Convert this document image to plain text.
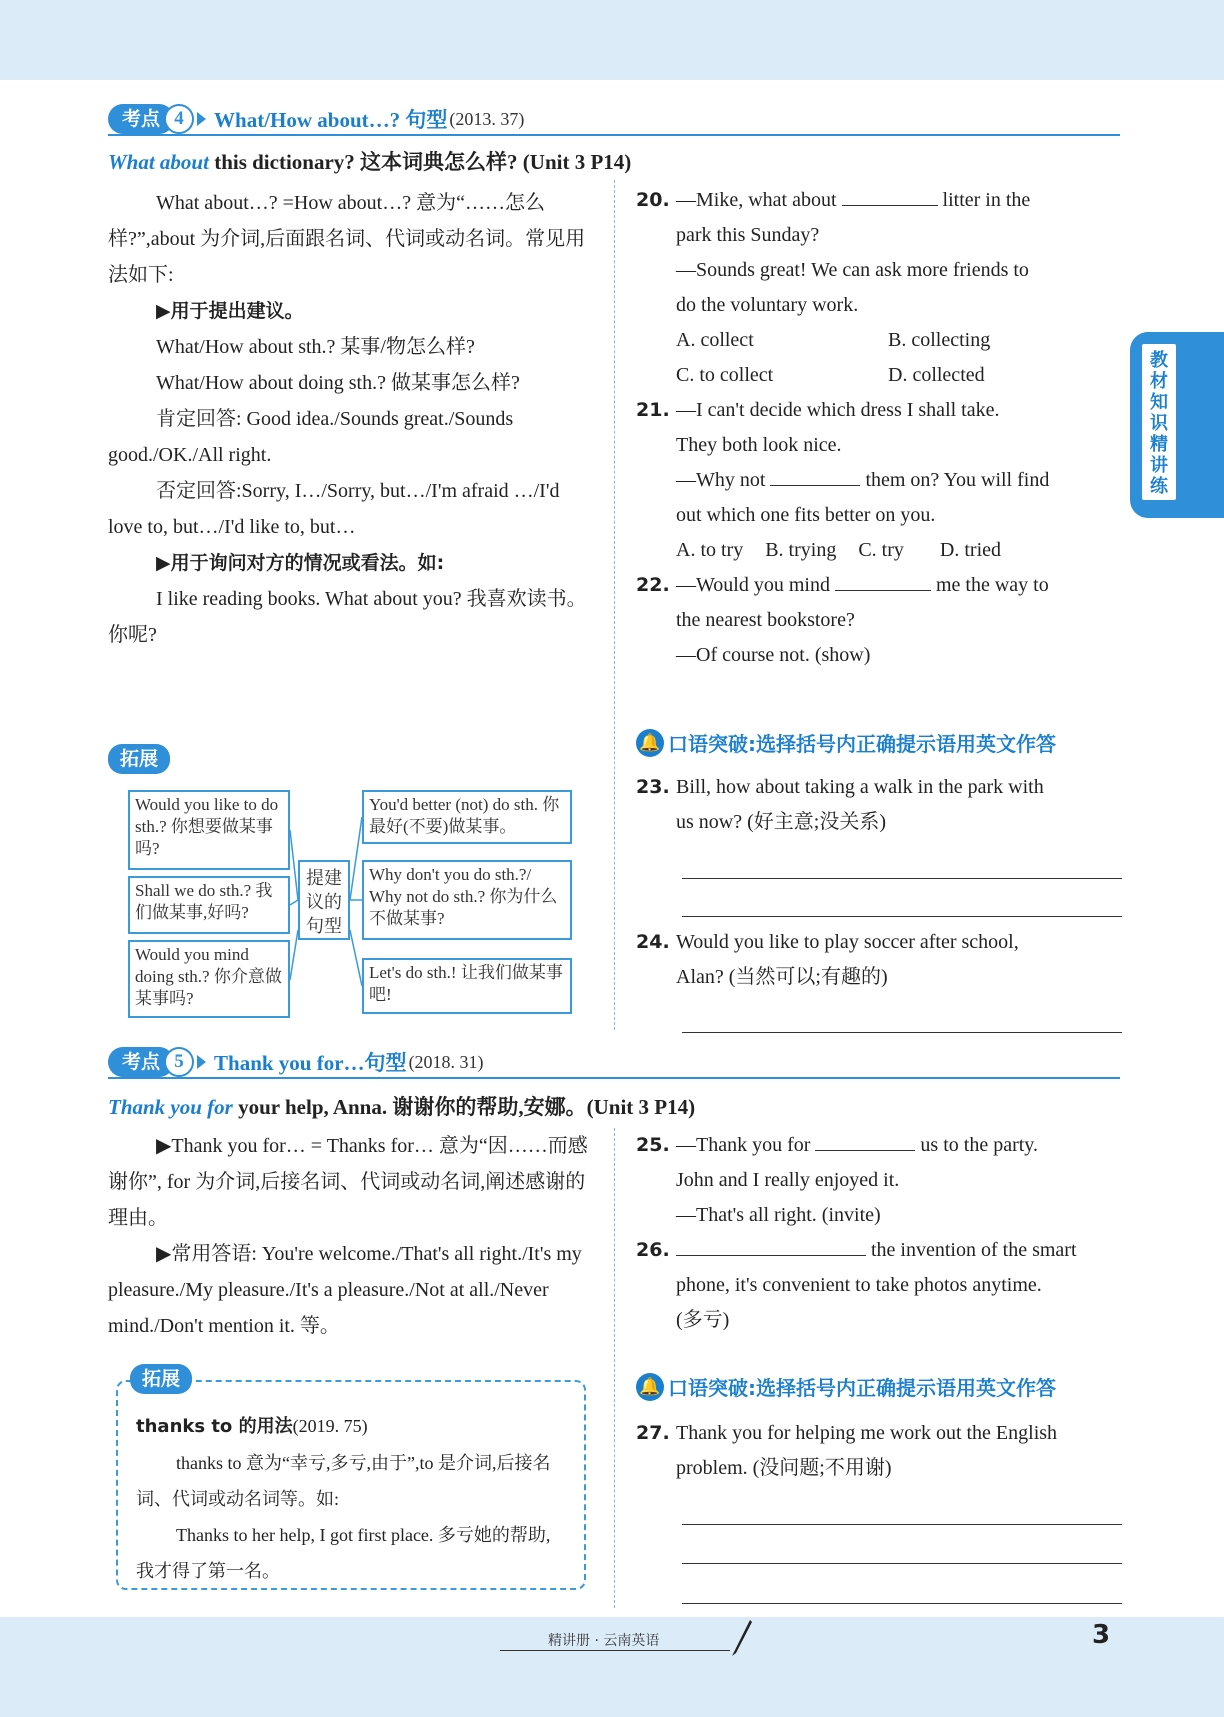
教材知识精讲练
考点 4	What/How about…? 句型 (2013. 37)
What about this dictionary? 这本词典怎么样? (Unit 3 P14)

What about…? =How about…? 意为“……怎么样?”,about 为介词,后面跟名词、代词或动名词。常见用法如下:

▶用于提出建议。

What/How about sth.? 某事/物怎么样?

What/How about doing sth.? 做某事怎么样?

肯定回答: Good idea./Sounds great./Sounds good./OK./All right.

否定回答:Sorry, I…/Sorry, but…/I'm afraid …/I'd love to, but…/I'd like to, but…

▶用于询问对方的情况或看法。如:

I like reading books. What about you? 我喜欢读书。你呢?

拓展
Would you like to do sth.? 你想要做某事吗?
Shall we do sth.? 我们做某事,好吗?
Would you mind doing sth.? 你介意做某事吗?
提建议的句型
You'd better (not) do sth. 你最好(不要)做某事。
Why don't you do sth.?/ Why not do sth.? 你为什么不做某事?
Let's do sth.! 让我们做某事吧!
20. —Mike, what about	litter in the
park this Sunday?
—Sounds great! We can ask more friends to
do the voluntary work.
A. collect	B. collecting
C. to collect	D. collected
21. —I can't decide which dress I shall take.
They both look nice.
—Why not	them on? You will find
out which one fits better on you.
A. to try B. trying C. try D. tried
22. —Would you mind	me the way to
the nearest bookstore?
—Of course not. (show)
🔔 口语突破:选择括号内正确提示语用英文作答
23. Bill, how about taking a walk in the park with
us now? (好主意;没关系)
24. Would you like to play soccer after school,
Alan? (当然可以;有趣的)
考点 5	Thank you for…句型 (2018. 31)
Thank you for your help, Anna. 谢谢你的帮助,安娜。(Unit 3 P14)

▶Thank you for… = Thanks for… 意为“因……而感谢你”, for 为介词,后接名词、代词或动名词,阐述感谢的理由。

▶常用答语: You're welcome./That's all right./It's my pleasure./My pleasure./It's a pleasure./Not at all./Never mind./Don't mention it. 等。

拓展
thanks to 的用法(2019. 75)
thanks to 意为“幸亏,多亏,由于”,to 是介词,后接名词、代词或动名词等。如:
Thanks to her help, I got first place. 多亏她的帮助,我才得了第一名。
25. —Thank you for	us to the party.
John and I really enjoyed it.
—That's all right. (invite)
26.	the invention of the smart
phone, it's convenient to take photos anytime.
(多亏)
🔔 口语突破:选择括号内正确提示语用英文作答
27. Thank you for helping me work out the English
problem. (没问题;不用谢)
精讲册 · 云南英语	3
